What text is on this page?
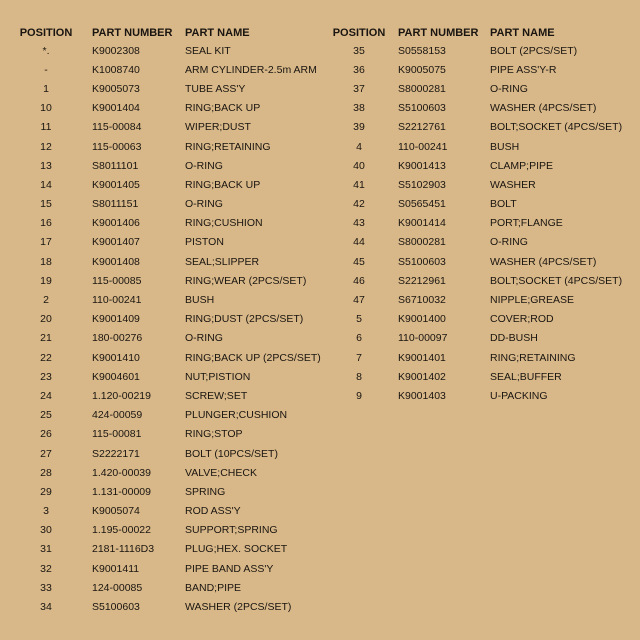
POSITION	PART NUMBER	PART NAME
*.	K9002308	SEAL KIT
-	K1008740	ARM CYLINDER-2.5m ARM
1	K9005073	TUBE ASS'Y
10	K9001404	RING;BACK UP
11	115-00084	WIPER;DUST
12	115-00063	RING;RETAINING
13	S8011101	O-RING
14	K9001405	RING;BACK UP
15	S8011151	O-RING
16	K9001406	RING;CUSHION
17	K9001407	PISTON
18	K9001408	SEAL;SLIPPER
19	115-00085	RING;WEAR (2PCS/SET)
2	110-00241	BUSH
20	K9001409	RING;DUST (2PCS/SET)
21	180-00276	O-RING
22	K9001410	RING;BACK UP (2PCS/SET)
23	K9004601	NUT;PISTION
24	1.120-00219	SCREW;SET
25	424-00059	PLUNGER;CUSHION
26	115-00081	RING;STOP
27	S2222171	BOLT (10PCS/SET)
28	1.420-00039	VALVE;CHECK
29	1.131-00009	SPRING
3	K9005074	ROD ASS'Y
30	1.195-00022	SUPPORT;SPRING
31	2181-1116D3	PLUG;HEX. SOCKET
32	K9001411	PIPE BAND ASS'Y
33	124-00085	BAND;PIPE
34	S5100603	WASHER (2PCS/SET)
POSITION	PART NUMBER	PART NAME
35	S0558153	BOLT (2PCS/SET)
36	K9005075	PIPE ASS'Y-R
37	S8000281	O-RING
38	S5100603	WASHER (4PCS/SET)
39	S2212761	BOLT;SOCKET (4PCS/SET)
4	110-00241	BUSH
40	K9001413	CLAMP;PIPE
41	S5102903	WASHER
42	S0565451	BOLT
43	K9001414	PORT;FLANGE
44	S8000281	O-RING
45	S5100603	WASHER (4PCS/SET)
46	S2212961	BOLT;SOCKET (4PCS/SET)
47	S6710032	NIPPLE;GREASE
5	K9001400	COVER;ROD
6	110-00097	DD-BUSH
7	K9001401	RING;RETAINING
8	K9001402	SEAL;BUFFER
9	K9001403	U-PACKING
